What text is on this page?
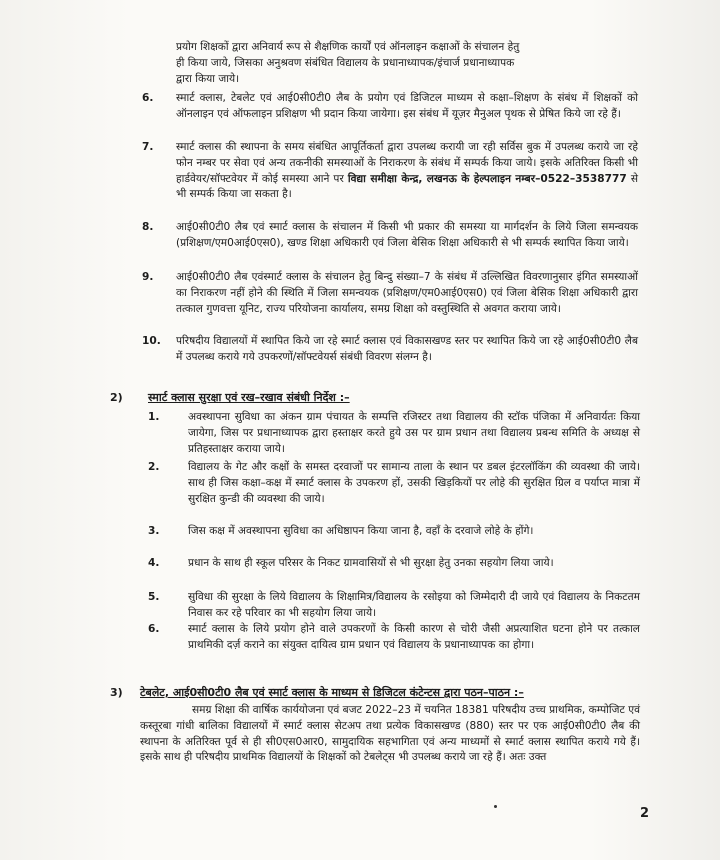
प्रयोग शिक्षकों द्वारा अनिवार्य रूप से शैक्षणिक कार्यों एवं ऑनलाइन कक्षाओं के संचालन हेतु
ही किया जाये, जिसका अनुश्रवण संबंधित विद्यालय के प्रधानाध्यापक/इंचार्ज प्रधानाध्यापक
द्वारा किया जाये।
6. स्मार्ट क्लास, टेबलेट एवं आई0सी0टी0 लैब के प्रयोग एवं डिजिटल माध्यम से कक्षा–शिक्षण के संबंध में शिक्षकों को ऑनलाइन एवं ऑफलाइन प्रशिक्षण भी प्रदान किया जायेगा। इस संबंध में यूज़र मैनुअल पृथक से प्रेषित किये जा रहे हैं।
7. स्मार्ट क्लास की स्थापना के समय संबंधित आपूर्तिकर्ता द्वारा उपलब्ध करायी जा रही सर्विस बुक में उपलब्ध कराये जा रहे फोन नम्बर पर सेवा एवं अन्य तकनीकी समस्याओं के निराकरण के संबंध में सम्पर्क किया जाये। इसके अतिरिक्त किसी भी हार्डवेयर/सॉफ्टवेयर में कोई समस्या आने पर विद्या समीक्षा केन्द्र, लखनऊ के हेल्पलाइन नम्बर–0522–3538777 से भी सम्पर्क किया जा सकता है।
8. आई0सी0टी0 लैब एवं स्मार्ट क्लास के संचालन में किसी भी प्रकार की समस्या या मार्गदर्शन के लिये जिला समन्वयक (प्रशिक्षण/एम0आई0एस0), खण्ड शिक्षा अधिकारी एवं जिला बेसिक शिक्षा अधिकारी से भी सम्पर्क स्थापित किया जाये।
9. आई0सी0टी0 लैब एवंस्मार्ट क्लास के संचालन हेतु बिन्दु संख्या–7 के संबंध में उल्लिखित विवरणानुसार इंगित समस्याओं का निराकरण नहीं होने की स्थिति में जिला समन्वयक (प्रशिक्षण/एम0आई0एस0) एवं जिला बेसिक शिक्षा अधिकारी द्वारा तत्काल गुणवत्ता यूनिट, राज्य परियोजना कार्यालय, समग्र शिक्षा को वस्तुस्थिति से अवगत कराया जाये।
10. परिषदीय विद्यालयों में स्थापित किये जा रहे स्मार्ट क्लास एवं विकासखण्ड स्तर पर स्थापित किये जा रहे आई0सी0टी0 लैब में उपलब्ध कराये गये उपकरणों/सॉफ्टवेयर्स संबंधी विवरण संलग्न है।
2) स्मार्ट क्लास सुरक्षा एवं रख–रखाव संबंधी निर्देश :–
1.	अवस्थापना सुविधा का अंकन ग्राम पंचायत के सम्पत्ति रजिस्टर तथा विद्यालय की स्टॉक पंजिका में अनिवार्यतः किया जायेगा, जिस पर प्रधानाध्यापक द्वारा हस्ताक्षर करते हुये उस पर ग्राम प्रधान तथा विद्यालय प्रबन्ध समिति के अध्यक्ष से प्रतिहस्ताक्षर कराया जाये।
2.	विद्यालय के गेट और कक्षों के समस्त दरवाजों पर सामान्य ताला के स्थान पर डबल इंटरलॉकिंग की व्यवस्था की जाये। साथ ही जिस कक्षा–कक्ष में स्मार्ट क्लास के उपकरण हों, उसकी खिड़कियों पर लोहे की सुरक्षित ग्रिल व पर्याप्त मात्रा में सुरक्षित कुन्डी की व्यवस्था की जाये।
3.	जिस कक्ष में अवस्थापना सुविधा का अधिष्ठापन किया जाना है, वहाँ के दरवाजे लोहे के होंगे।
4.	प्रधान के साथ ही स्कूल परिसर के निकट ग्रामवासियों से भी सुरक्षा हेतु उनका सहयोग लिया जाये।
5.	सुविधा की सुरक्षा के लिये विद्यालय के शिक्षामित्र/विद्यालय के रसोइया को जिम्मेदारी दी जाये एवं विद्यालय के निकटतम निवास कर रहे परिवार का भी सहयोग लिया जाये।
6.	स्मार्ट क्लास के लिये प्रयोग होने वाले उपकरणों के किसी कारण से चोरी जैसी अप्रत्याशित घटना होने पर तत्काल प्राथमिकी दर्ज़ कराने का संयुक्त दायित्व ग्राम प्रधान एवं विद्यालय के प्रधानाध्यापक का होगा।
3) टेबलेट, आई0सी0टी0 लैब एवं स्मार्ट क्लास के माध्यम से डिजिटल कंटेन्टस द्वारा पठन–पाठन :–
समग्र शिक्षा की वार्षिक कार्ययोजना एवं बजट 2022–23 में चयनित 18381 परिषदीय उच्च प्राथमिक, कम्पोजिट एवं कस्तूरबा गांधी बालिका विद्यालयों में स्मार्ट क्लास सेटअप तथा प्रत्येक विकासखण्ड (880) स्तर पर एक आई0सी0टी0 लैब की स्थापना के अतिरिक्त पूर्व से ही सी0एस0आर0, सामुदायिक सहभागिता एवं अन्य माध्यमों से स्मार्ट क्लास स्थापित कराये गये हैं। इसके साथ ही परिषदीय प्राथमिक विद्यालयों के शिक्षकों को टेबलेट्स भी उपलब्ध कराये जा रहे हैं। अतः उक्त
2
